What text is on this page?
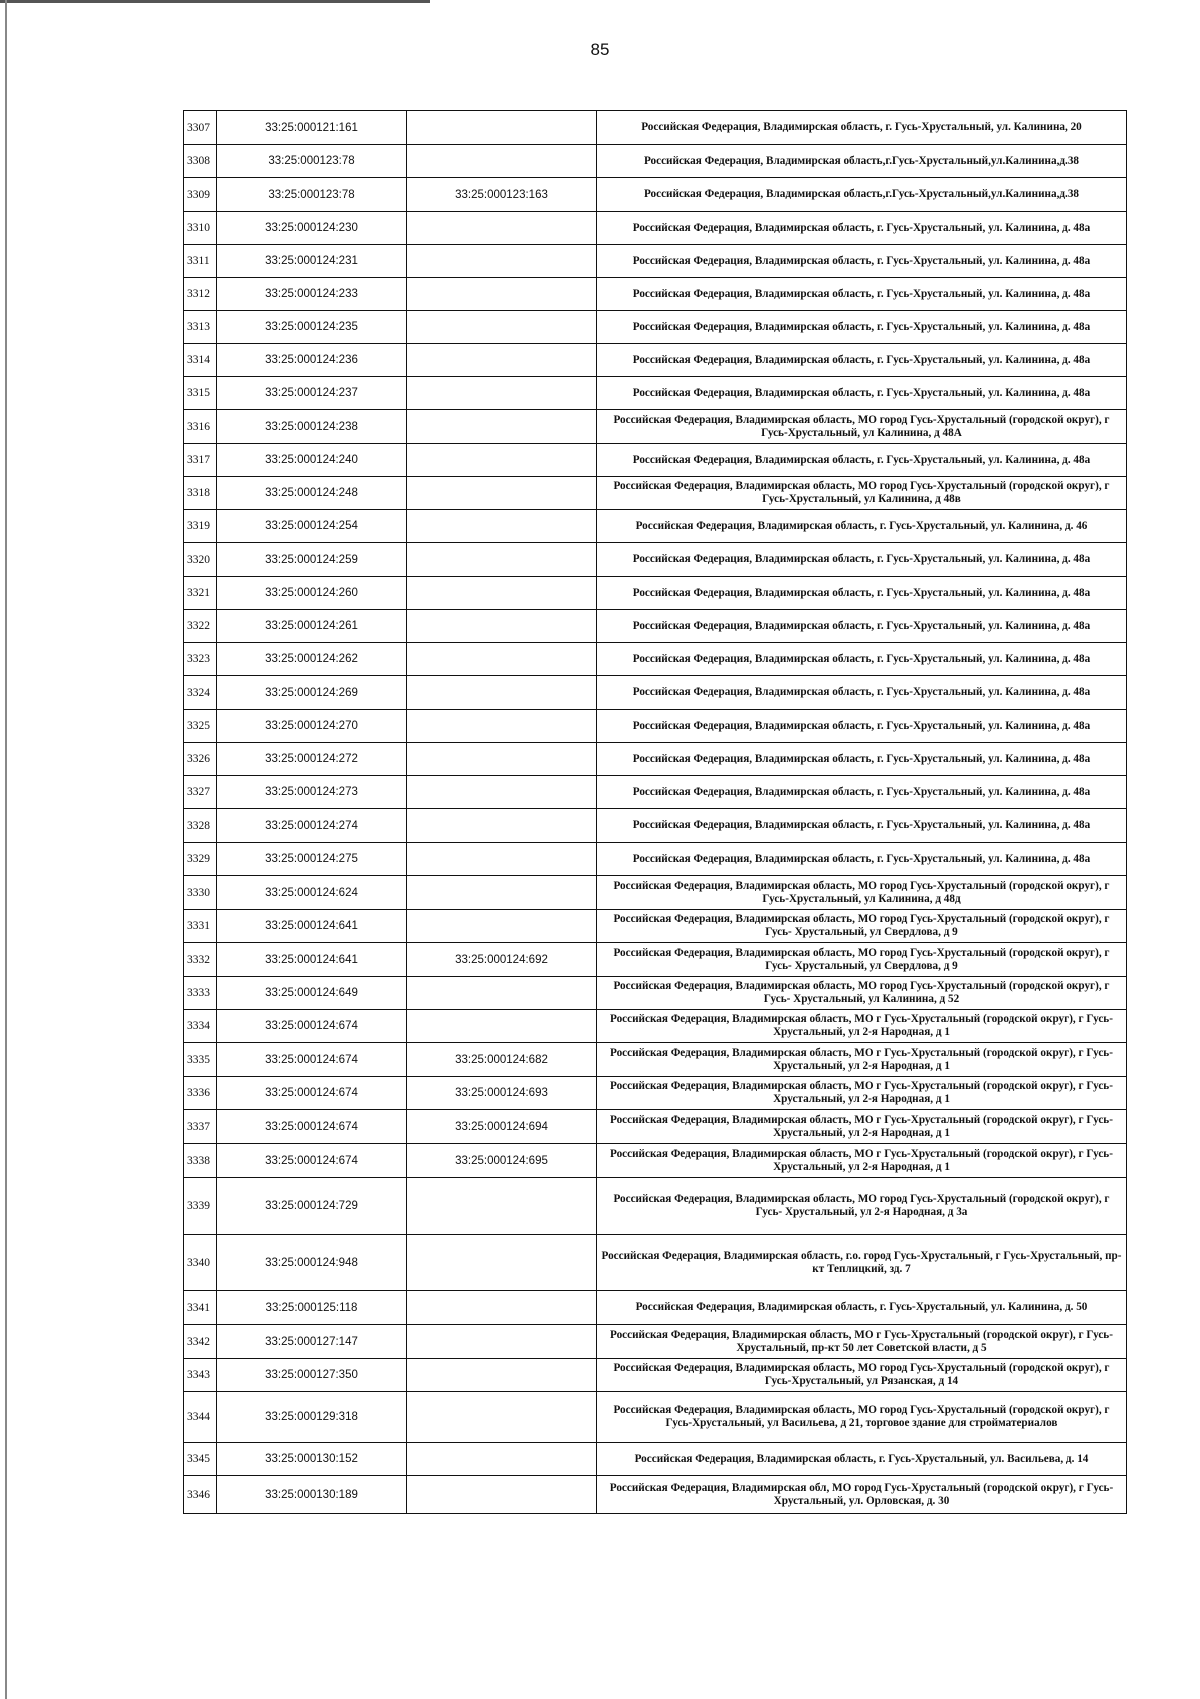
85
3307	33:25:000121:161		Российская Федерация, Владимирская область, г. Гусь-Хрустальный, ул. Калинина, 20
3308	33:25:000123:78		Российская Федерация, Владимирская область,г.Гусь-Хрустальный,ул.Калинина,д.38
3309	33:25:000123:78	33:25:000123:163	Российская Федерация, Владимирская область,г.Гусь-Хрустальный,ул.Калинина,д.38
3310	33:25:000124:230		Российская Федерация, Владимирская область, г. Гусь-Хрустальный, ул. Калинина, д. 48а
3311	33:25:000124:231		Российская Федерация, Владимирская область, г. Гусь-Хрустальный, ул. Калинина, д. 48а
3312	33:25:000124:233		Российская Федерация, Владимирская область, г. Гусь-Хрустальный, ул. Калинина, д. 48а
3313	33:25:000124:235		Российская Федерация, Владимирская область, г. Гусь-Хрустальный, ул. Калинина, д. 48а
3314	33:25:000124:236		Российская Федерация, Владимирская область, г. Гусь-Хрустальный, ул. Калинина, д. 48а
3315	33:25:000124:237		Российская Федерация, Владимирская область, г. Гусь-Хрустальный, ул. Калинина, д. 48а
3316	33:25:000124:238		Российская Федерация, Владимирская область, МО город Гусь-Хрустальный (городской округ), г Гусь-Хрустальный, ул Калинина, д 48А
3317	33:25:000124:240		Российская Федерация, Владимирская область, г. Гусь-Хрустальный, ул. Калинина, д. 48а
3318	33:25:000124:248		Российская Федерация, Владимирская область, МО город Гусь-Хрустальный (городской округ), г Гусь-Хрустальный, ул Калинина, д 48в
3319	33:25:000124:254		Российская Федерация, Владимирская область, г. Гусь-Хрустальный, ул. Калинина, д. 46
3320	33:25:000124:259		Российская Федерация, Владимирская область, г. Гусь-Хрустальный, ул. Калинина, д. 48а
3321	33:25:000124:260		Российская Федерация, Владимирская область, г. Гусь-Хрустальный, ул. Калинина, д. 48а
3322	33:25:000124:261		Российская Федерация, Владимирская область, г. Гусь-Хрустальный, ул. Калинина, д. 48а
3323	33:25:000124:262		Российская Федерация, Владимирская область, г. Гусь-Хрустальный, ул. Калинина, д. 48а
3324	33:25:000124:269		Российская Федерация, Владимирская область, г. Гусь-Хрустальный, ул. Калинина, д. 48а
3325	33:25:000124:270		Российская Федерация, Владимирская область, г. Гусь-Хрустальный, ул. Калинина, д. 48а
3326	33:25:000124:272		Российская Федерация, Владимирская область, г. Гусь-Хрустальный, ул. Калинина, д. 48а
3327	33:25:000124:273		Российская Федерация, Владимирская область, г. Гусь-Хрустальный, ул. Калинина, д. 48а
3328	33:25:000124:274		Российская Федерация, Владимирская область, г. Гусь-Хрустальный, ул. Калинина, д. 48а
3329	33:25:000124:275		Российская Федерация, Владимирская область, г. Гусь-Хрустальный, ул. Калинина, д. 48а
3330	33:25:000124:624		Российская Федерация, Владимирская область, МО город Гусь-Хрустальный (городской округ), г Гусь-Хрустальный, ул Калинина, д 48д
3331	33:25:000124:641		Российская Федерация, Владимирская область, МО город Гусь-Хрустальный (городской округ), г Гусь- Хрустальный, ул Свердлова, д 9
3332	33:25:000124:641	33:25:000124:692	Российская Федерация, Владимирская область, МО город Гусь-Хрустальный (городской округ), г Гусь- Хрустальный, ул Свердлова, д 9
3333	33:25:000124:649		Российская Федерация, Владимирская область, МО город Гусь-Хрустальный (городской округ), г Гусь- Хрустальный, ул Калинина, д 52
3334	33:25:000124:674		Российская Федерация, Владимирская область, МО г Гусь-Хрустальный (городской округ), г Гусь-Хрустальный, ул 2-я Народная, д 1
3335	33:25:000124:674	33:25:000124:682	Российская Федерация, Владимирская область, МО г Гусь-Хрустальный (городской округ), г Гусь-Хрустальный, ул 2-я Народная, д 1
3336	33:25:000124:674	33:25:000124:693	Российская Федерация, Владимирская область, МО г Гусь-Хрустальный (городской округ), г Гусь-Хрустальный, ул 2-я Народная, д 1
3337	33:25:000124:674	33:25:000124:694	Российская Федерация, Владимирская область, МО г Гусь-Хрустальный (городской округ), г Гусь-Хрустальный, ул 2-я Народная, д 1
3338	33:25:000124:674	33:25:000124:695	Российская Федерация, Владимирская область, МО г Гусь-Хрустальный (городской округ), г Гусь-Хрустальный, ул 2-я Народная, д 1
3339	33:25:000124:729		Российская Федерация, Владимирская область, МО город Гусь-Хрустальный (городской округ), г Гусь- Хрустальный, ул 2-я Народная, д 3а
3340	33:25:000124:948		Российская Федерация, Владимирская область, г.о. город Гусь-Хрустальный, г Гусь-Хрустальный, пр-кт Теплицкий, зд. 7
3341	33:25:000125:118		Российская Федерация, Владимирская область, г. Гусь-Хрустальный, ул. Калинина, д. 50
3342	33:25:000127:147		Российская Федерация, Владимирская область, МО г Гусь-Хрустальный (городской округ), г Гусь-Хрустальный, пр-кт 50 лет Советской власти, д 5
3343	33:25:000127:350		Российская Федерация, Владимирская область, МО город Гусь-Хрустальный (городской округ), г Гусь-Хрустальный, ул Рязанская, д 14
3344	33:25:000129:318		Российская Федерация, Владимирская область, МО город Гусь-Хрустальный (городской округ), г Гусь-Хрустальный, ул Васильева, д 21, торговое здание для стройматериалов
3345	33:25:000130:152		Российская Федерация, Владимирская область, г. Гусь-Хрустальный, ул. Васильева, д. 14
3346	33:25:000130:189		Российская Федерация, Владимирская обл, МО город Гусь-Хрустальный (городской округ), г Гусь-Хрустальный, ул. Орловская, д. 30
